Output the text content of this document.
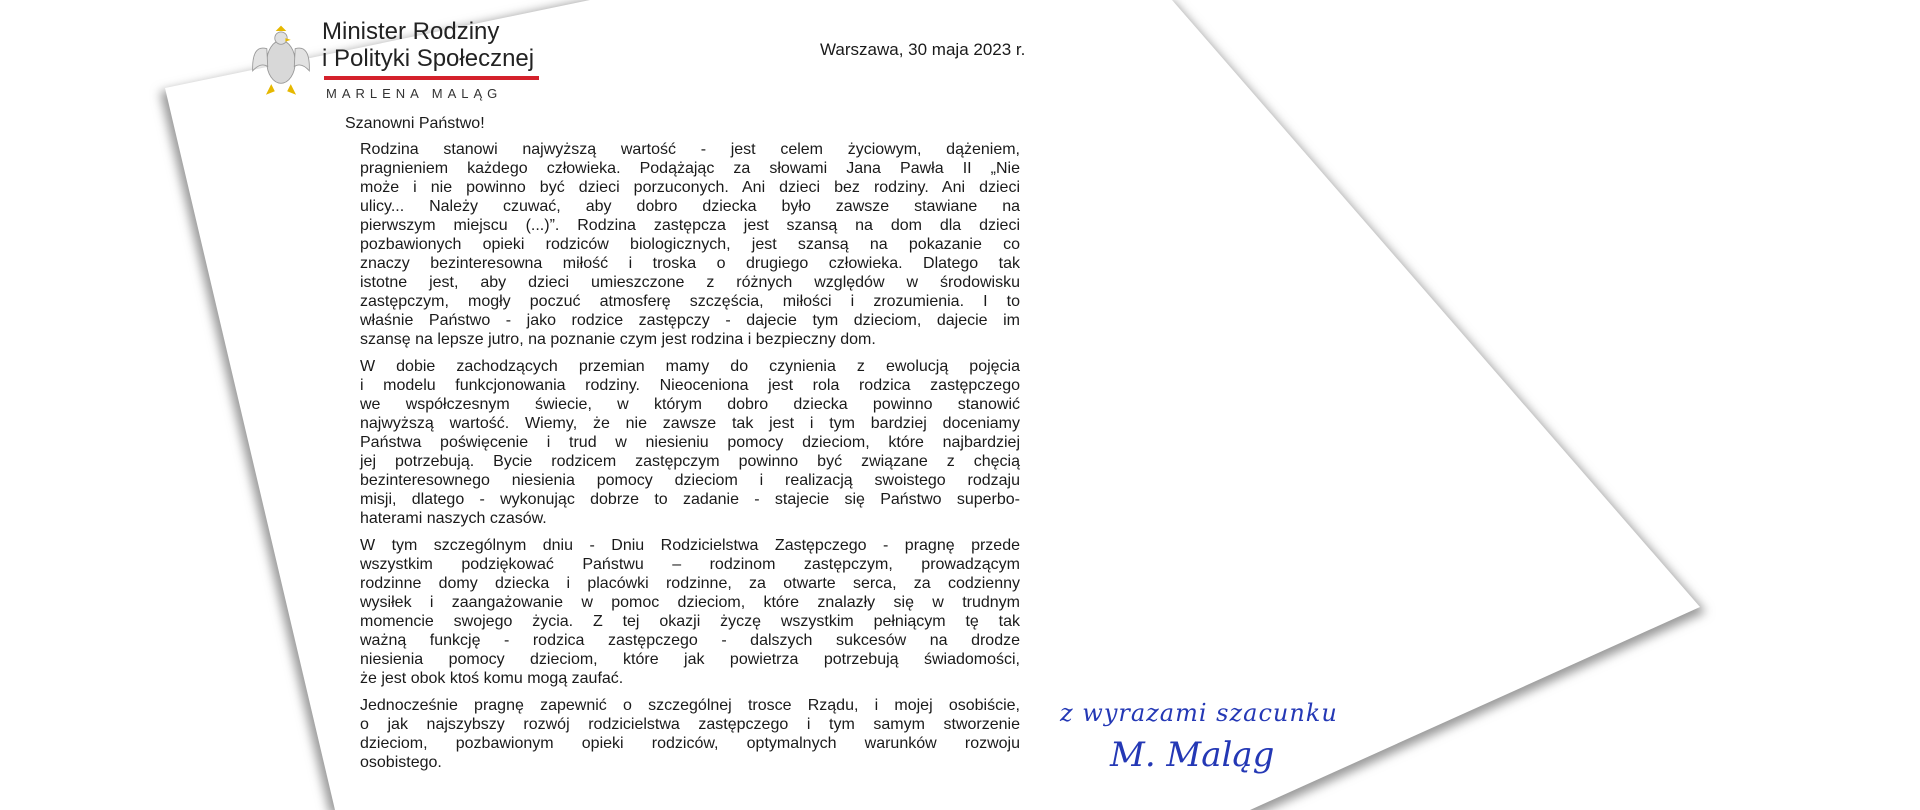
Minister Rodziny
i Polityki Społecznej
MARLENA MALĄG
Warszawa, 30 maja 2023 r.
Szanowni Państwo!
Rodzina stanowi najwyższą wartość - jest celem życiowym, dążeniem,
pragnieniem każdego człowieka. Podążając za słowami Jana Pawła II „Nie
może i nie powinno być dzieci porzuconych. Ani dzieci bez rodziny. Ani dzieci
ulicy... Należy czuwać, aby dobro dziecka było zawsze stawiane na
pierwszym miejscu (...)”. Rodzina zastępcza jest szansą na dom dla dzieci
pozbawionych opieki rodziców biologicznych, jest szansą na pokazanie co
znaczy bezinteresowna miłość i troska o drugiego człowieka. Dlatego tak
istotne jest, aby dzieci umieszczone z różnych względów w środowisku
zastępczym, mogły poczuć atmosferę szczęścia, miłości i zrozumienia. I to
właśnie Państwo - jako rodzice zastępczy - dajecie tym dzieciom, dajecie im
szansę na lepsze jutro, na poznanie czym jest rodzina i bezpieczny dom.
W dobie zachodzących przemian mamy do czynienia z ewolucją pojęcia
i modelu funkcjonowania rodziny. Nieoceniona jest rola rodzica zastępczego
we współczesnym świecie, w którym dobro dziecka powinno stanowić
najwyższą wartość. Wiemy, że nie zawsze tak jest i tym bardziej doceniamy
Państwa poświęcenie i trud w niesieniu pomocy dzieciom, które najbardziej
jej potrzebują. Bycie rodzicem zastępczym powinno być związane z chęcią
bezinteresownego niesienia pomocy dzieciom i realizacją swoistego rodzaju
misji, dlatego - wykonując dobrze to zadanie - stajecie się Państwo superbo-
haterami naszych czasów.
W tym szczególnym dniu - Dniu Rodzicielstwa Zastępczego - pragnę przede
wszystkim podziękować Państwu – rodzinom zastępczym, prowadzącym
rodzinne domy dziecka i placówki rodzinne, za otwarte serca, za codzienny
wysiłek i zaangażowanie w pomoc dzieciom, które znalazły się w trudnym
momencie swojego życia. Z tej okazji życzę wszystkim pełniącym tę tak
ważną funkcję - rodzica zastępczego - dalszych sukcesów na drodze
niesienia pomocy dzieciom, które jak powietrza potrzebują świadomości,
że jest obok ktoś komu mogą zaufać.
Jednocześnie pragnę zapewnić o szczególnej trosce Rządu, i mojej osobiście,
o jak najszybszy rozwój rodzicielstwa zastępczego i tym samym stworzenie
dzieciom, pozbawionym opieki rodziców, optymalnych warunków rozwoju
osobistego.
z wyrazami szacunku
M. Maląg
